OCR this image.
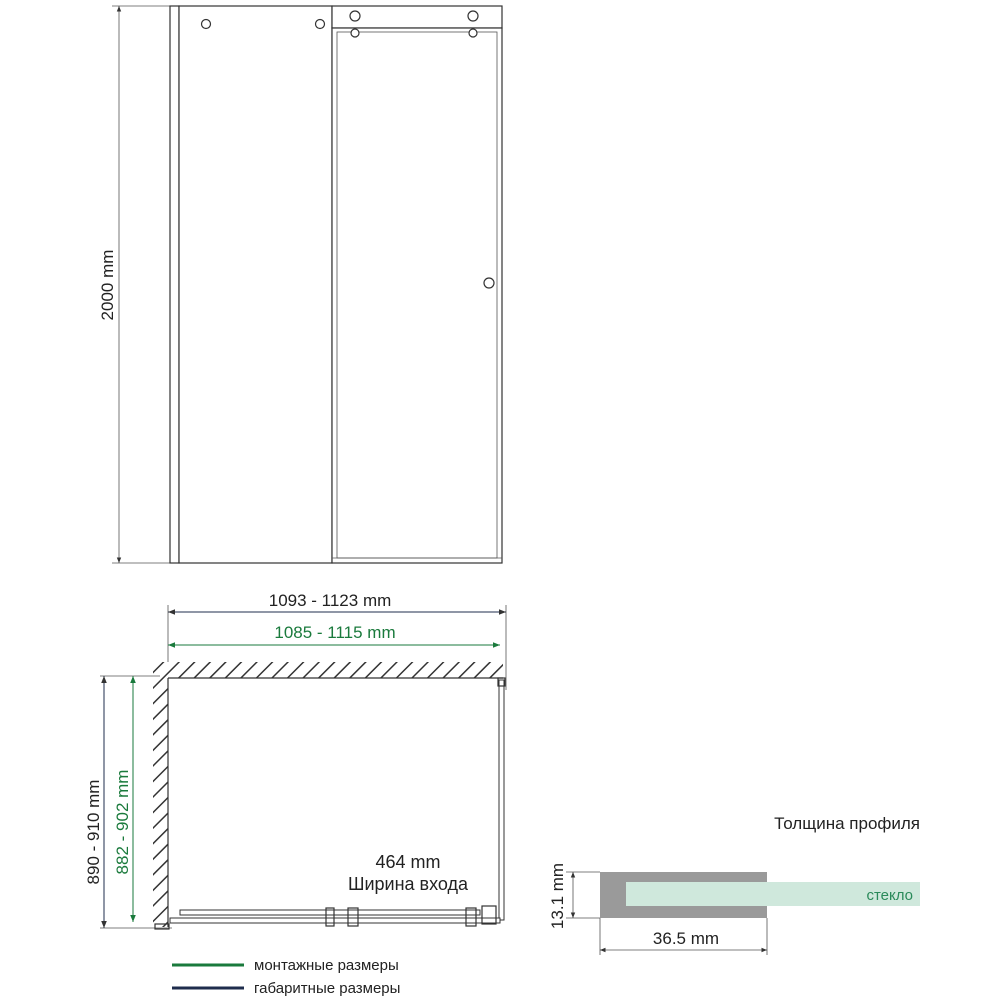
2000 mm
1093 - 1123 mm
1085 - 1115 mm
890 - 910 mm 882 - 902 mm	464 mm
Ширина входа
монтажные размеры
габаритные размеры
Толщина профиля
стекло
13.1 mm
36.5 mm
